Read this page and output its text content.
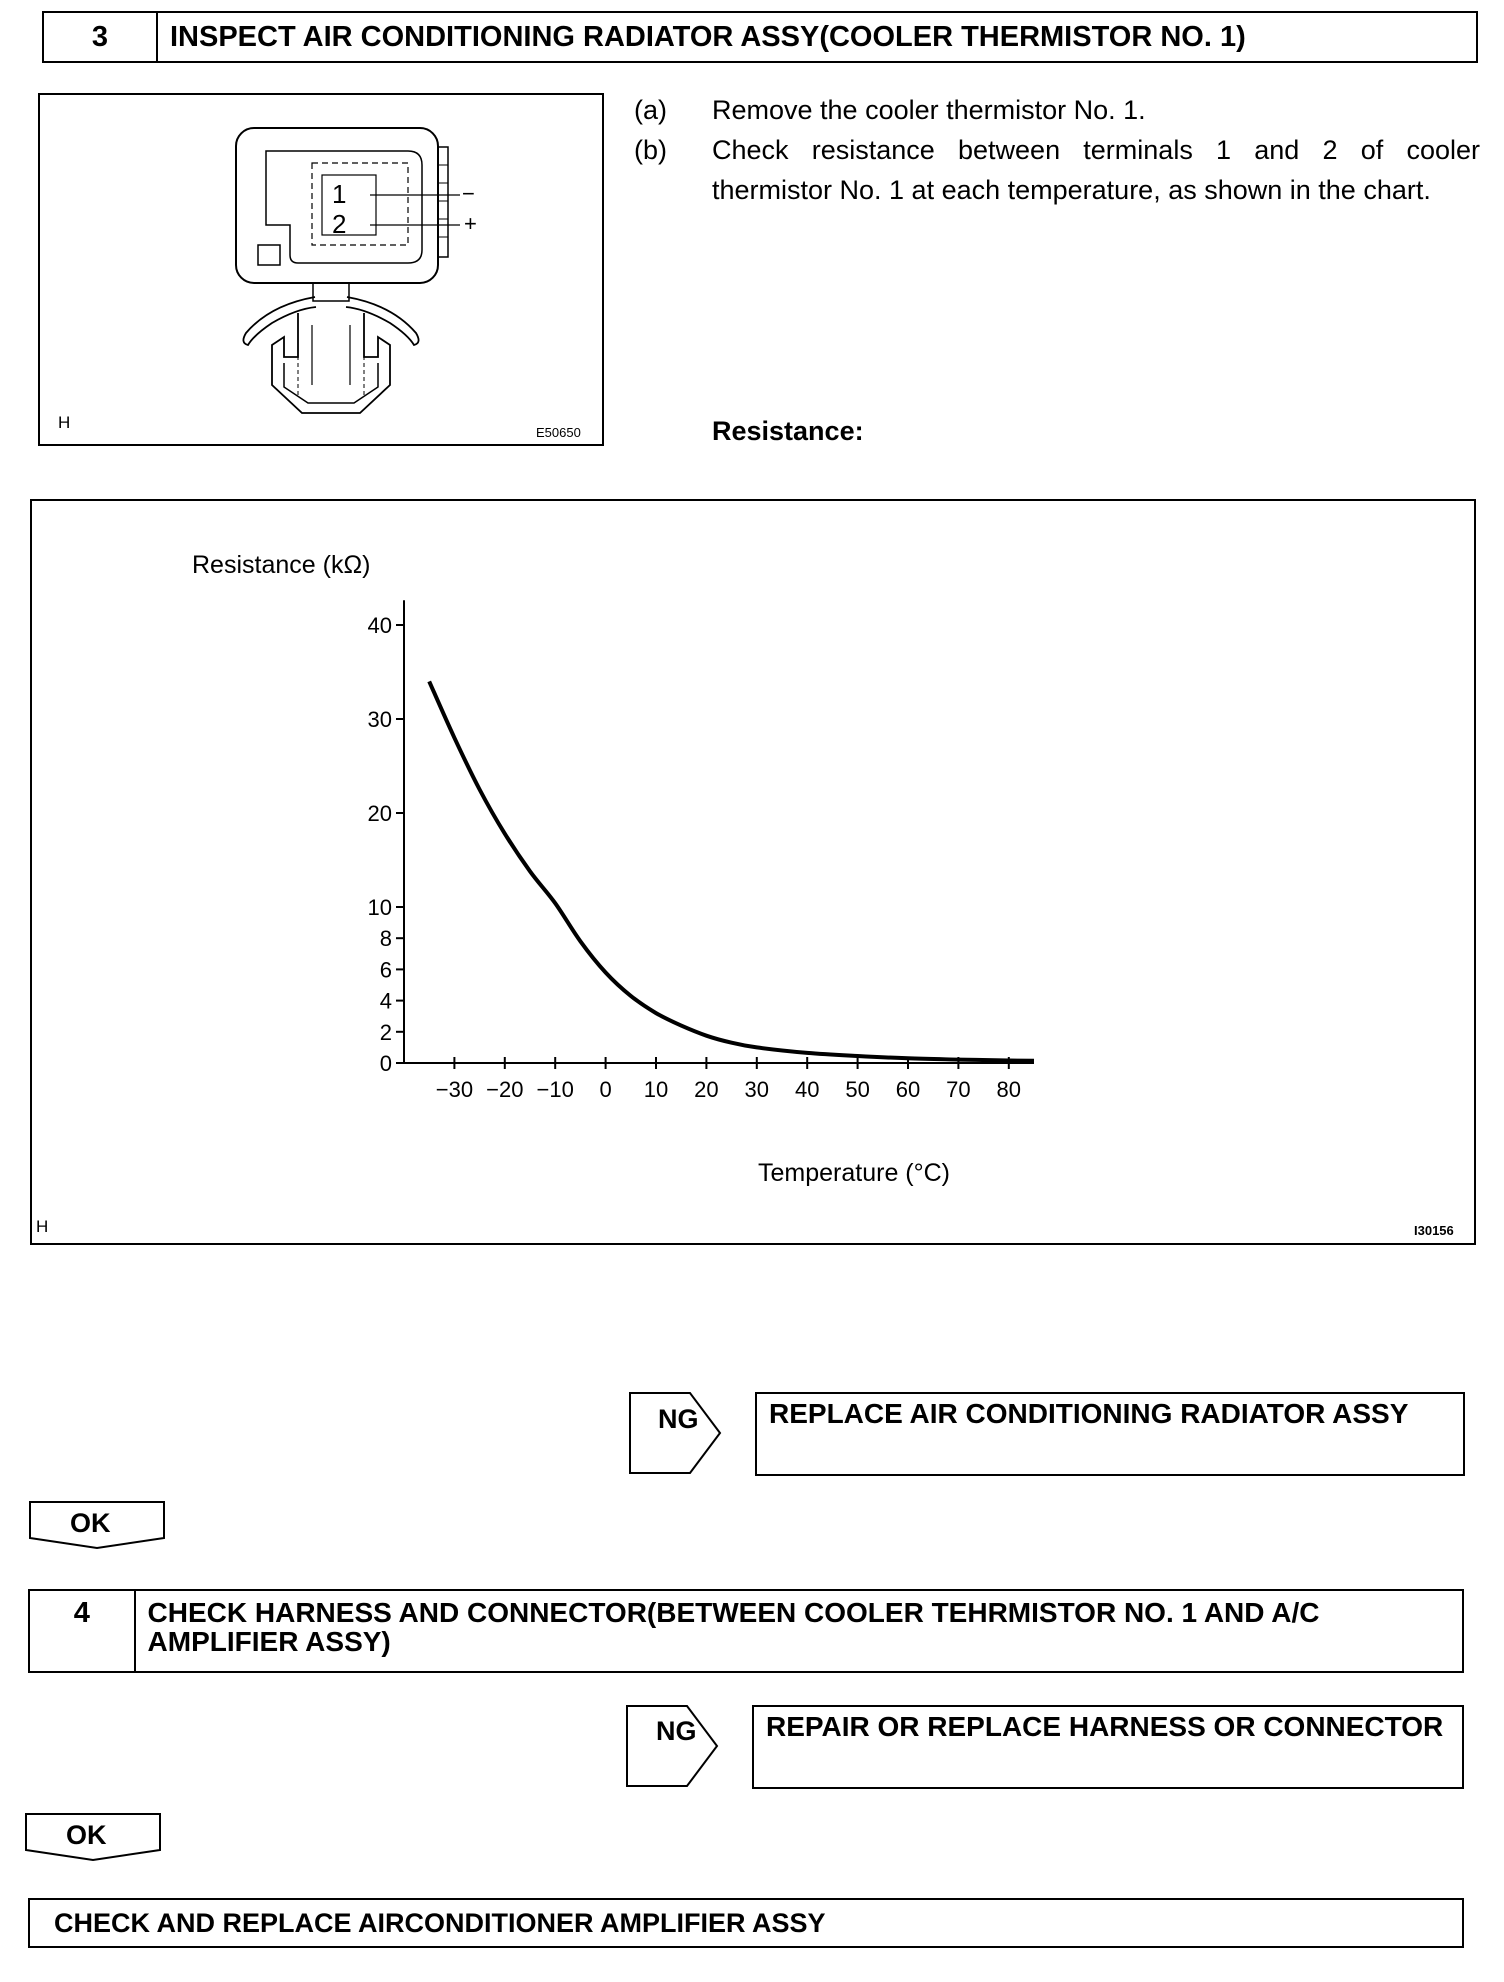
3	INSPECT AIR CONDITIONING RADIATOR ASSY(COOLER THERMISTOR NO. 1)
1
2
−
+
H
E50650
(a)	Remove the cooler thermistor No. 1.
(b)	Check resistance between terminals 1 and 2 of cooler thermistor No. 1 at each temperature, as shown in the chart.
Resistance:
Resistance (kΩ)
Temperature (°C)
0
2
4
6
8
10
20
30
40
−30 −20 −10 0 10 20 30 40 50 60 70 80
H	I30156
NG	REPLACE AIR CONDITIONING RADIATOR ASSY
OK
4	CHECK HARNESS AND CONNECTOR(BETWEEN COOLER TEHRMISTOR NO. 1 AND A/C AMPLIFIER ASSY)
NG	REPAIR OR REPLACE HARNESS OR CONNECTOR
OK
CHECK AND REPLACE AIRCONDITIONER AMPLIFIER ASSY
